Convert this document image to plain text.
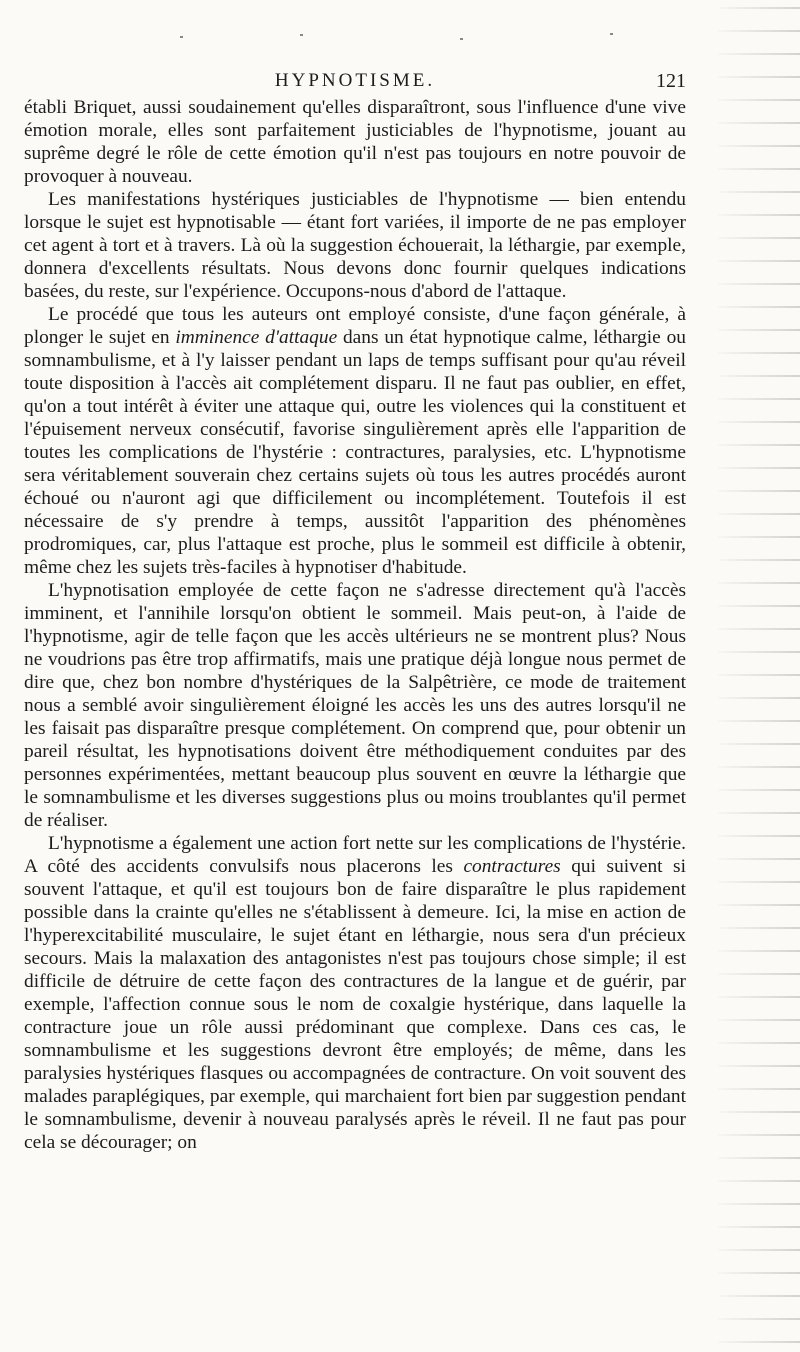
HYPNOTISME.	121

établi Briquet, aussi soudainement qu'elles disparaîtront, sous l'influence d'une vive émotion morale, elles sont parfaitement justiciables de l'hypnotisme, jouant au suprême degré le rôle de cette émotion qu'il n'est pas toujours en notre pouvoir de provoquer à nouveau.

Les manifestations hystériques justiciables de l'hypnotisme — bien entendu lorsque le sujet est hypnotisable — étant fort variées, il importe de ne pas employer cet agent à tort et à travers. Là où la suggestion échouerait, la léthargie, par exemple, donnera d'excellents résultats. Nous devons donc fournir quelques indications basées, du reste, sur l'expérience. Occupons-nous d'abord de l'attaque.

Le procédé que tous les auteurs ont employé consiste, d'une façon générale, à plonger le sujet en imminence d'attaque dans un état hypnotique calme, léthargie ou somnambulisme, et à l'y laisser pendant un laps de temps suffisant pour qu'au réveil toute disposition à l'accès ait complétement disparu. Il ne faut pas oublier, en effet, qu'on a tout intérêt à éviter une attaque qui, outre les violences qui la constituent et l'épuisement nerveux consécutif, favorise singulièrement après elle l'apparition de toutes les complications de l'hystérie : contractures, paralysies, etc. L'hypnotisme sera véritablement souverain chez certains sujets où tous les autres procédés auront échoué ou n'auront agi que difficilement ou incomplétement. Toutefois il est nécessaire de s'y prendre à temps, aussitôt l'apparition des phénomènes prodromiques, car, plus l'attaque est proche, plus le sommeil est difficile à obtenir, même chez les sujets très-faciles à hypnotiser d'habitude.

L'hypnotisation employée de cette façon ne s'adresse directement qu'à l'accès imminent, et l'annihile lorsqu'on obtient le sommeil. Mais peut-on, à l'aide de l'hypnotisme, agir de telle façon que les accès ultérieurs ne se montrent plus? Nous ne voudrions pas être trop affirmatifs, mais une pratique déjà longue nous permet de dire que, chez bon nombre d'hystériques de la Salpêtrière, ce mode de traitement nous a semblé avoir singulièrement éloigné les accès les uns des autres lorsqu'il ne les faisait pas disparaître presque complétement. On comprend que, pour obtenir un pareil résultat, les hypnotisations doivent être méthodiquement conduites par des personnes expérimentées, mettant beaucoup plus souvent en œuvre la léthargie que le somnambulisme et les diverses suggestions plus ou moins troublantes qu'il permet de réaliser.

L'hypnotisme a également une action fort nette sur les complications de l'hystérie. A côté des accidents convulsifs nous placerons les contractures qui suivent si souvent l'attaque, et qu'il est toujours bon de faire disparaître le plus rapidement possible dans la crainte qu'elles ne s'établissent à demeure. Ici, la mise en action de l'hyperexcitabilité musculaire, le sujet étant en léthargie, nous sera d'un précieux secours. Mais la malaxation des antagonistes n'est pas toujours chose simple; il est difficile de détruire de cette façon des contractures de la langue et de guérir, par exemple, l'affection connue sous le nom de coxalgie hystérique, dans laquelle la contracture joue un rôle aussi prédominant que complexe. Dans ces cas, le somnambulisme et les suggestions devront être employés; de même, dans les paralysies hystériques flasques ou accompagnées de contracture. On voit souvent des malades paraplégiques, par exemple, qui marchaient fort bien par suggestion pendant le somnambulisme, devenir à nouveau paralysés après le réveil. Il ne faut pas pour cela se décourager; on
